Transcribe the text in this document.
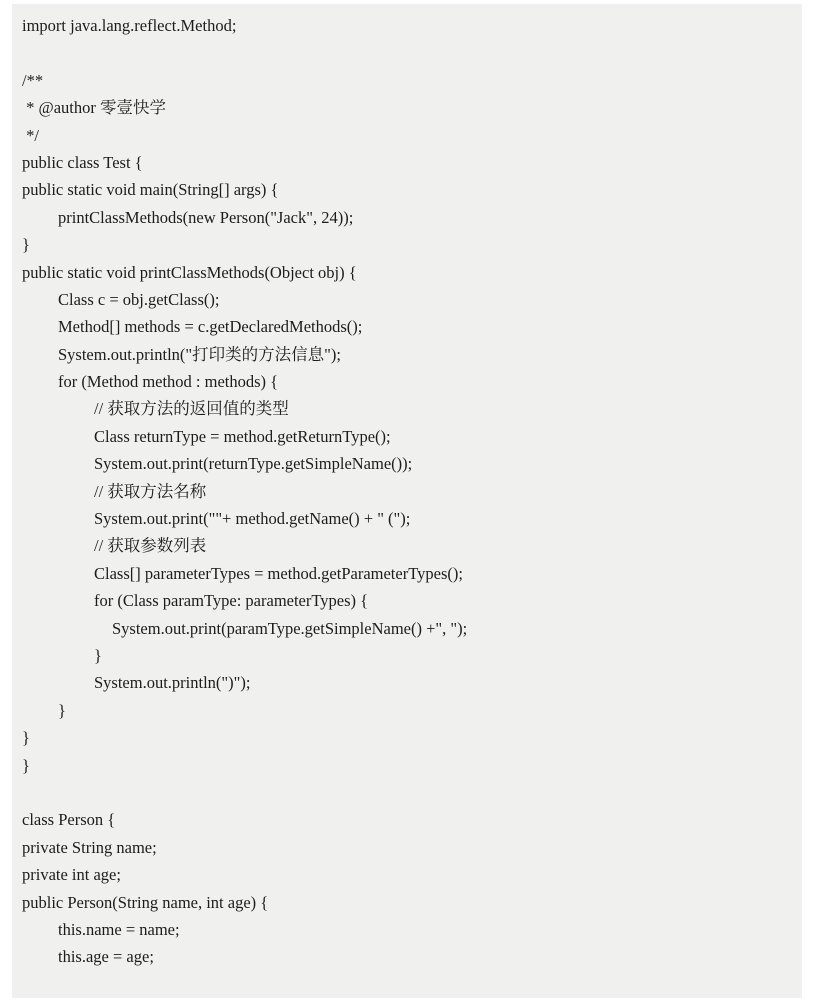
import java.lang.reflect.Method;
/**
* @author 零壹快学
*/
public class Test {
public static void main(String[] args) {
printClassMethods(new Person("Jack", 24));
}
public static void printClassMethods(Object obj) {
Class c = obj.getClass();
Method[] methods = c.getDeclaredMethods();
System.out.println("打印类的方法信息");
for (Method method : methods) {
// 获取方法的返回值的类型
Class returnType = method.getReturnType();
System.out.print(returnType.getSimpleName());
// 获取方法名称
System.out.print(""+ method.getName() + " (");
// 获取参数列表
Class[] parameterTypes = method.getParameterTypes();
for (Class paramType: parameterTypes) {
System.out.print(paramType.getSimpleName() +", ");
}
System.out.println(")");
}
}
}
class Person {
private String name;
private int age;
public Person(String name, int age) {
this.name = name;
this.age = age;
